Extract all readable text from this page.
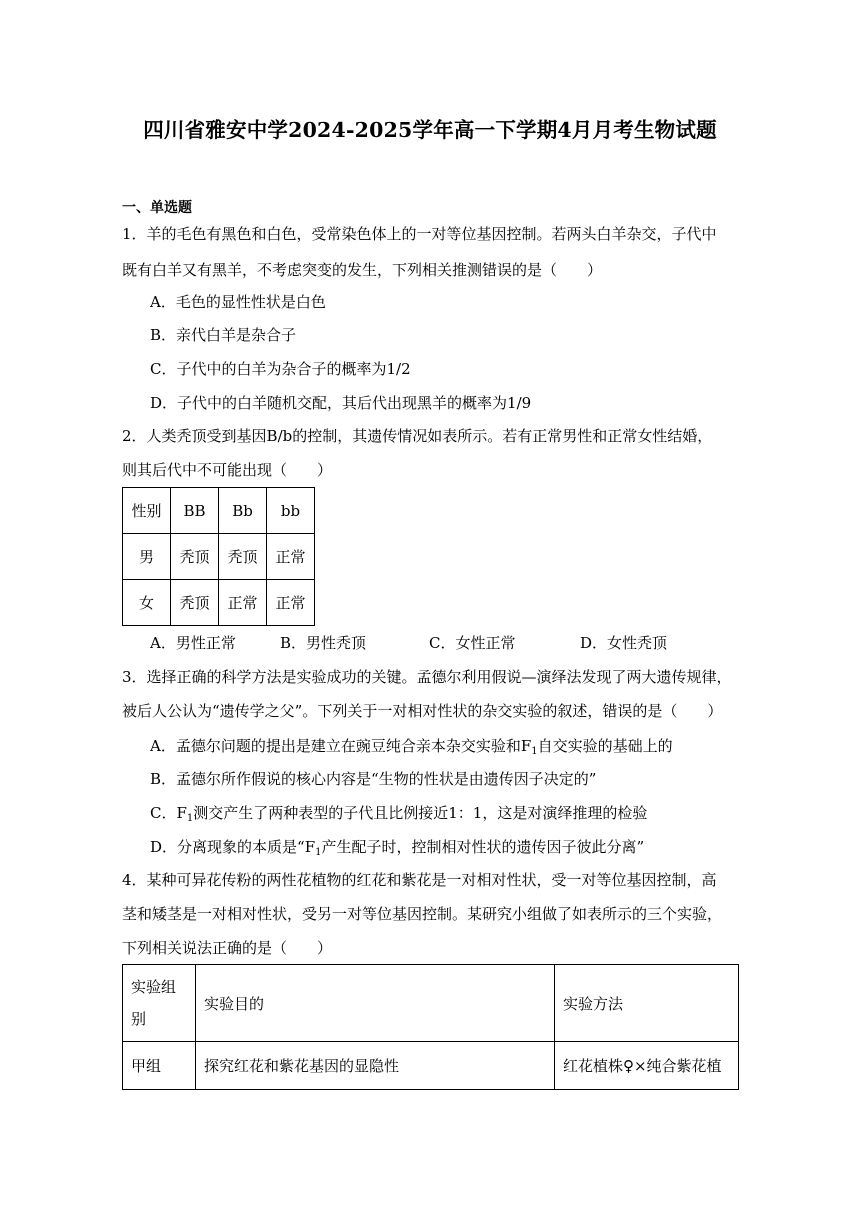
四川省雅安中学2024-2025学年高一下学期4月月考生物试题
一、单选题
1．羊的毛色有黑色和白色，受常染色体上的一对等位基因控制。若两头白羊杂交，子代中
既有白羊又有黑羊，不考虑突变的发生，下列相关推测错误的是（　　）
A．毛色的显性性状是白色
B．亲代白羊是杂合子
C．子代中的白羊为杂合子的概率为1/2
D．子代中的白羊随机交配，其后代出现黑羊的概率为1/9
2．人类秃顶受到基因B/b的控制，其遗传情况如表所示。若有正常男性和正常女性结婚，
则其后代中不可能出现（　　）
性别	BB	Bb	bb
男	秃顶	秃顶	正常
女	秃顶	正常	正常
A．男性正常	B．男性秃顶	C．女性正常	D．女性秃顶
3．选择正确的科学方法是实验成功的关键。孟德尔利用假说—演绎法发现了两大遗传规律，
被后人公认为“遗传学之父”。下列关于一对相对性状的杂交实验的叙述，错误的是（　　）
A．孟德尔问题的提出是建立在豌豆纯合亲本杂交实验和$F_1$自交实验的基础上的
B．孟德尔所作假说的核心内容是“生物的性状是由遗传因子决定的”
C．$F_1$测交产生了两种表型的子代且比例接近1：1，这是对演绎推理的检验
D．分离现象的本质是“$F_1$产生配子时，控制相对性状的遗传因子彼此分离”
4．某种可异花传粉的两性花植物的红花和紫花是一对相对性状，受一对等位基因控制，高
茎和矮茎是一对相对性状，受另一对等位基因控制。某研究小组做了如表所示的三个实验，
下列相关说法正确的是（　　）
实验组
别	实验目的	实验方法
甲组	探究红花和紫花基因的显隐性	红花植株♀×纯合紫花植
